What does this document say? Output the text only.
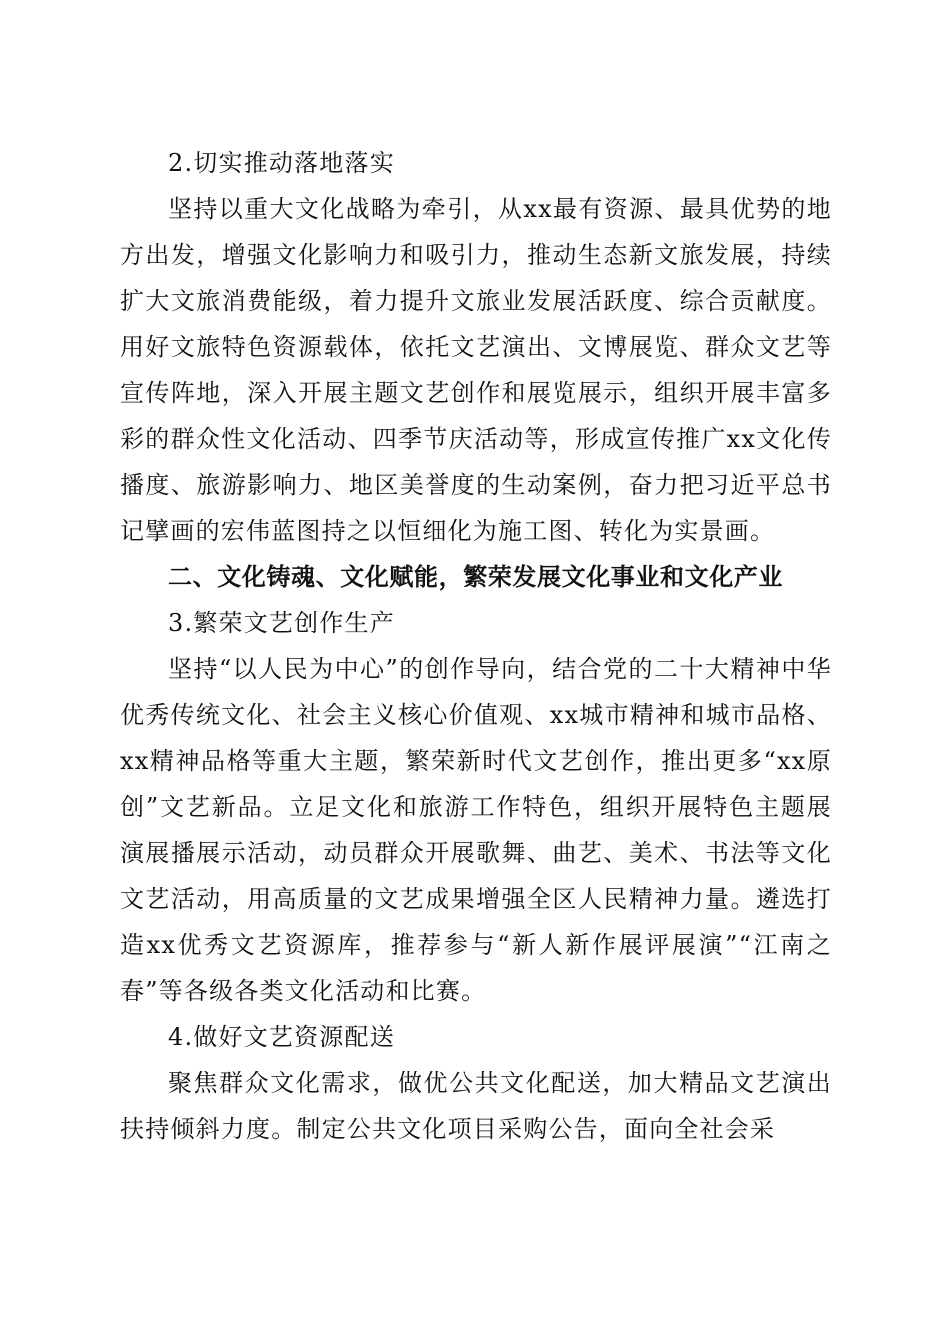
2.切实推动落地落实

坚持以重大文化战略为牵引，从xx最有资源、最具优势的地方出发，增强文化影响力和吸引力，推动生态新文旅发展，持续扩大文旅消费能级，着力提升文旅业发展活跃度、综合贡献度。用好文旅特色资源载体，依托文艺演出、文博展览、群众文艺等宣传阵地，深入开展主题文艺创作和展览展示，组织开展丰富多彩的群众性文化活动、四季节庆活动等，形成宣传推广xx文化传播度、旅游影响力、地区美誉度的生动案例，奋力把习近平总书记擘画的宏伟蓝图持之以恒细化为施工图、转化为实景画。

二、文化铸魂、文化赋能，繁荣发展文化事业和文化产业

3.繁荣文艺创作生产

坚持“以人民为中心”的创作导向，结合党的二十大精神中华优秀传统文化、社会主义核心价值观、xx城市精神和城市品格、xx精神品格等重大主题，繁荣新时代文艺创作，推出更多“xx原创”文艺新品。立足文化和旅游工作特色，组织开展特色主题展演展播展示活动，动员群众开展歌舞、曲艺、美术、书法等文化文艺活动，用高质量的文艺成果增强全区人民精神力量。遴选打造xx优秀文艺资源库，推荐参与“新人新作展评展演”“江南之春”等各级各类文化活动和比赛。

4.做好文艺资源配送

聚焦群众文化需求，做优公共文化配送，加大精品文艺演出扶持倾斜力度。制定公共文化项目采购公告，面向全社会采
